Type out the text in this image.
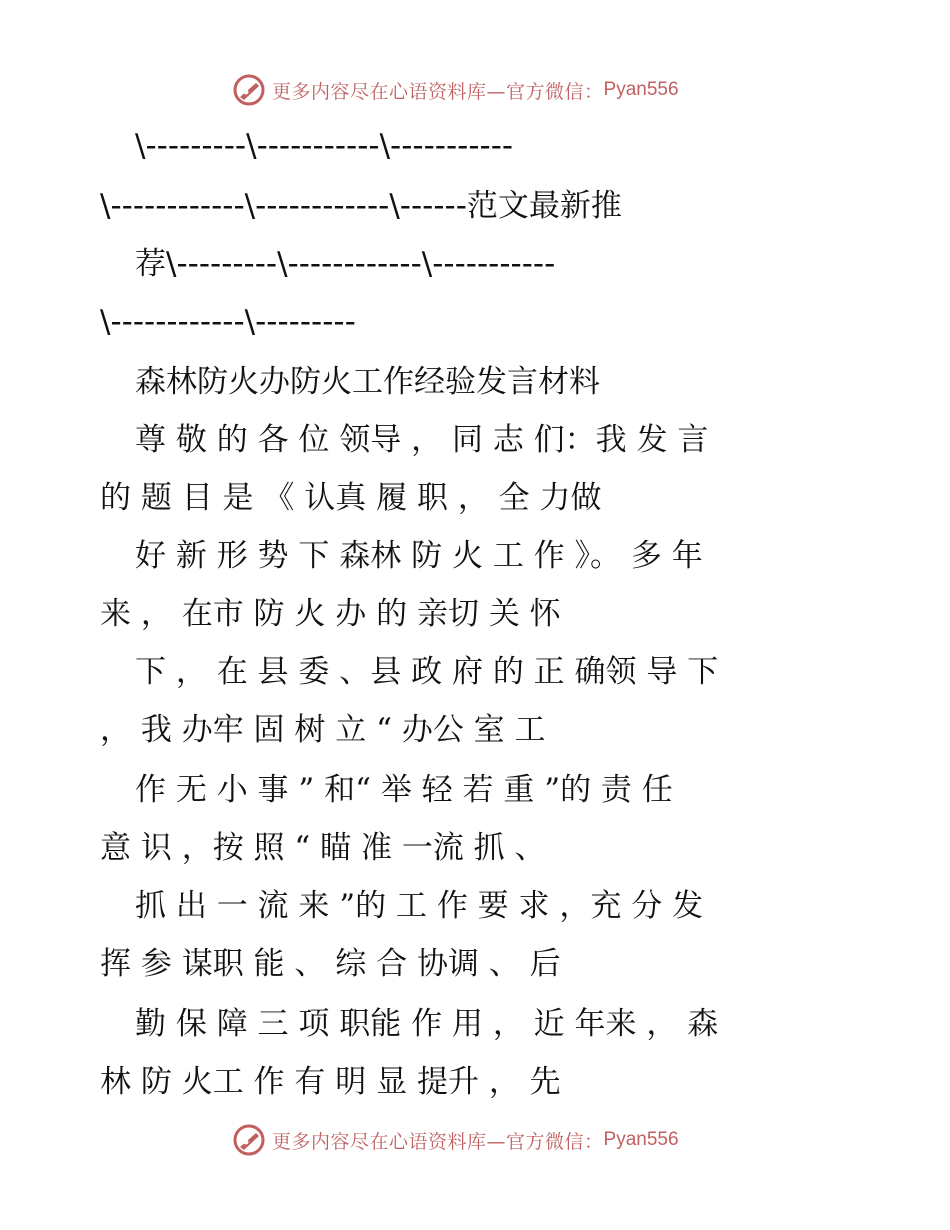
更多内容尽在心语资料库—官方微信： Pyan556
\---------\-----------\-----------
\------------\------------\------范文最新推
荐\---------\------------\-----------
\------------\---------
森林防火办防火工作经验发言材料
尊 敬 的 各 位 领导 ， 同 志 们：我 发 言
的 题 目 是 《 认真 履 职 ， 全 力做
好 新 形 势 下 森林 防 火 工 作 》。 多 年
来 ， 在市 防 火 办 的 亲切 关 怀
下 ， 在 县 委 、县 政 府 的 正 确领 导 下
， 我 办牢 固 树 立 “ 办公 室 工
作 无 小 事 ” 和“ 举 轻 若 重 ”的 责 任
意 识 ，按 照 “ 瞄 准 一流 抓 、
抓 出 一 流 来 ”的 工 作 要 求 ，充 分 发
挥 参 谋职 能 、 综 合 协调 、 后
勤 保 障 三 项 职能 作 用 ， 近 年来 ， 森
林 防 火工 作 有 明 显 提升 ， 先
更多内容尽在心语资料库—官方微信： Pyan556
